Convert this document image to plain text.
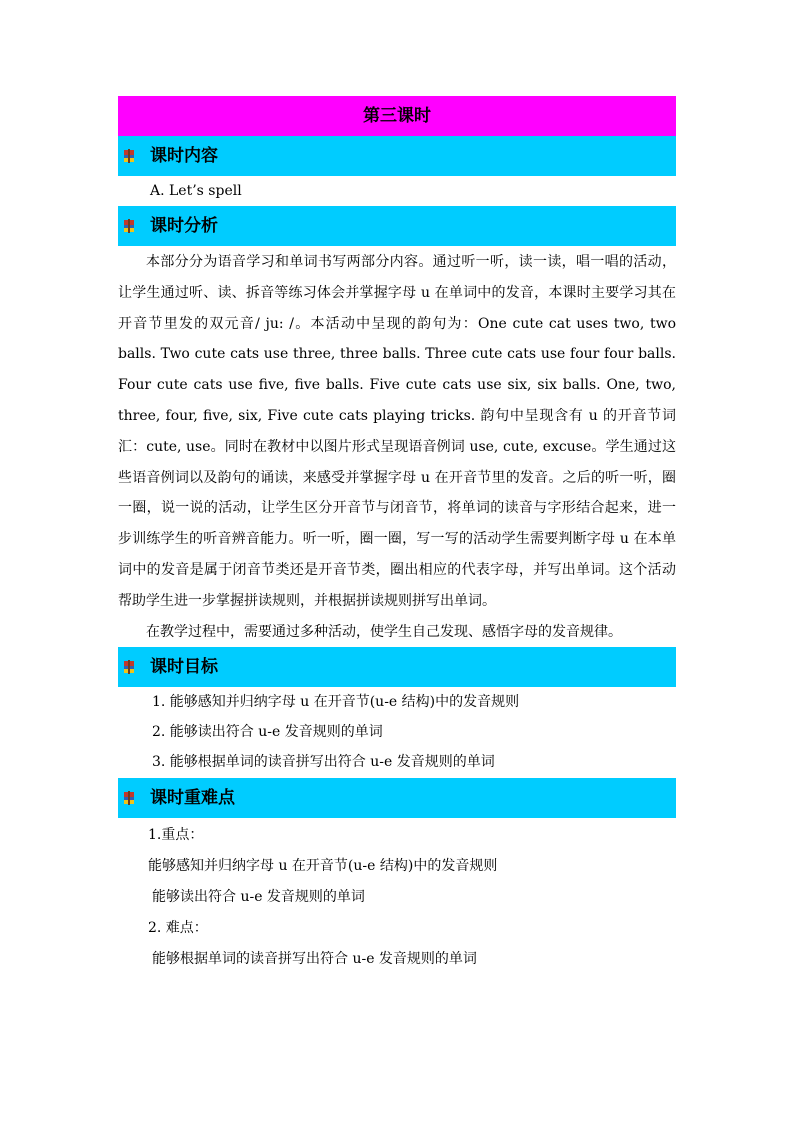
第三课时
课时内容
A. Let’s spell
课时分析

本部分分为语音学习和单词书写两部分内容。通过听一听，读一读，唱一唱的活动，让学生通过听、读、拆音等练习体会并掌握字母 u 在单词中的发音，本课时主要学习其在开音节里发的双元音/ ju: /。本活动中呈现的韵句为：One cute cat uses two, two balls. Two cute cats use three, three balls. Three cute cats use four four balls. Four cute cats use five, five balls. Five cute cats use six, six balls. One, two, three, four, five, six, Five cute cats playing tricks. 韵句中呈现含有 u 的开音节词汇：cute, use。同时在教材中以图片形式呈现语音例词 use, cute, excuse。学生通过这些语音例词以及韵句的诵读，来感受并掌握字母 u 在开音节里的发音。之后的听一听，圈一圈，说一说的活动，让学生区分开音节与闭音节，将单词的读音与字形结合起来，进一步训练学生的听音辨音能力。听一听，圈一圈，写一写的活动学生需要判断字母 u 在本单词中的发音是属于闭音节类还是开音节类，圈出相应的代表字母，并写出单词。这个活动帮助学生进一步掌握拼读规则，并根据拼读规则拼写出单词。

在教学过程中，需要通过多种活动，使学生自己发现、感悟字母的发音规律。

课时目标
1. 能够感知并归纳字母 u 在开音节(u-e 结构)中的发音规则
2. 能够读出符合 u-e 发音规则的单词
3. 能够根据单词的读音拼写出符合 u-e 发音规则的单词
课时重难点
1.重点：
能够感知并归纳字母 u 在开音节(u-e 结构)中的发音规则
能够读出符合 u-e 发音规则的单词
2. 难点：
能够根据单词的读音拼写出符合 u-e 发音规则的单词
